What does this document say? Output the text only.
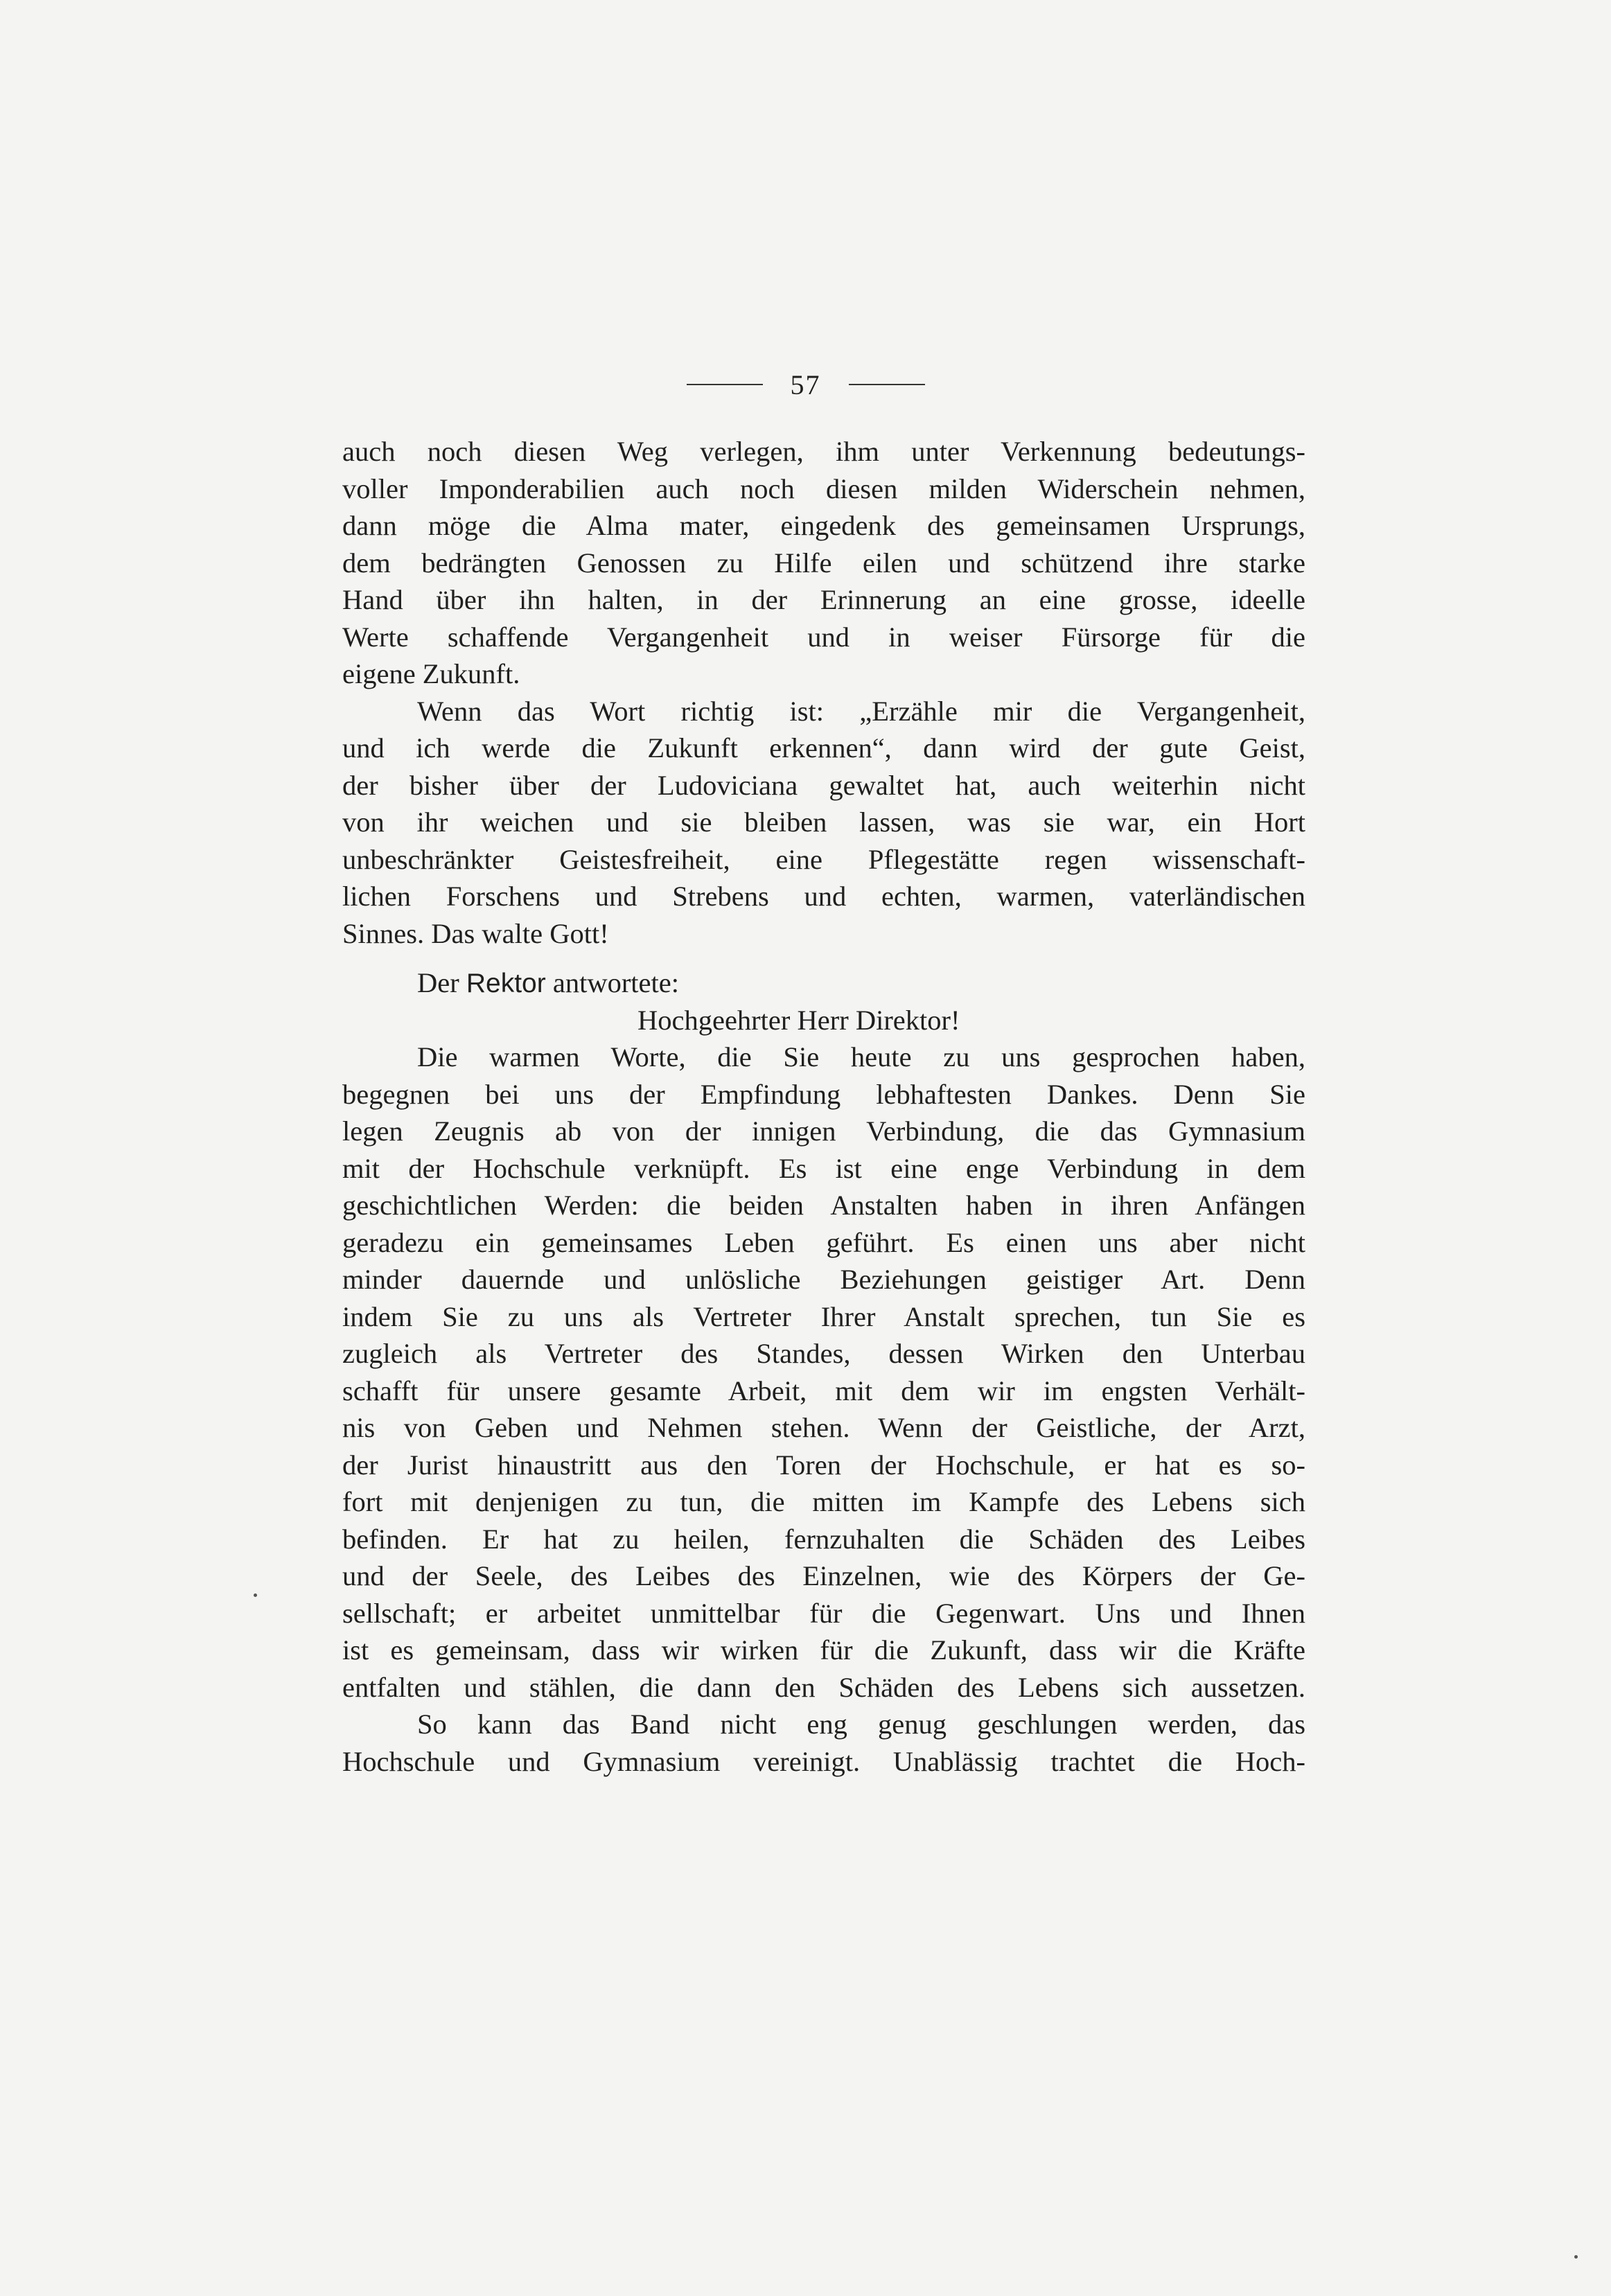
57
auch noch diesen Weg verlegen, ihm unter Verkennung bedeutungs-
voller Imponderabilien auch noch diesen milden Widerschein nehmen,
dann möge die Alma mater, eingedenk des gemeinsamen Ursprungs,
dem bedrängten Genossen zu Hilfe eilen und schützend ihre starke
Hand über ihn halten, in der Erinnerung an eine grosse, ideelle
Werte schaffende Vergangenheit und in weiser Fürsorge für die
eigene Zukunft.
Wenn das Wort richtig ist: „Erzähle mir die Vergangenheit,
und ich werde die Zukunft erkennen“, dann wird der gute Geist,
der bisher über der Ludoviciana gewaltet hat, auch weiterhin nicht
von ihr weichen und sie bleiben lassen, was sie war, ein Hort
unbeschränkter Geistesfreiheit, eine Pflegestätte regen wissenschaft-
lichen Forschens und Strebens und echten, warmen, vaterländischen
Sinnes. Das walte Gott!
Der Rektor antwortete:
Hochgeehrter Herr Direktor!
Die warmen Worte, die Sie heute zu uns gesprochen haben,
begegnen bei uns der Empfindung lebhaftesten Dankes. Denn Sie
legen Zeugnis ab von der innigen Verbindung, die das Gymnasium
mit der Hochschule verknüpft. Es ist eine enge Verbindung in dem
geschichtlichen Werden: die beiden Anstalten haben in ihren Anfängen
geradezu ein gemeinsames Leben geführt. Es einen uns aber nicht
minder dauernde und unlösliche Beziehungen geistiger Art. Denn
indem Sie zu uns als Vertreter Ihrer Anstalt sprechen, tun Sie es
zugleich als Vertreter des Standes, dessen Wirken den Unterbau
schafft für unsere gesamte Arbeit, mit dem wir im engsten Verhält-
nis von Geben und Nehmen stehen. Wenn der Geistliche, der Arzt,
der Jurist hinaustritt aus den Toren der Hochschule, er hat es so-
fort mit denjenigen zu tun, die mitten im Kampfe des Lebens sich
befinden. Er hat zu heilen, fernzuhalten die Schäden des Leibes
und der Seele, des Leibes des Einzelnen, wie des Körpers der Ge-
sellschaft; er arbeitet unmittelbar für die Gegenwart. Uns und Ihnen
ist es gemeinsam, dass wir wirken für die Zukunft, dass wir die Kräfte
entfalten und stählen, die dann den Schäden des Lebens sich aussetzen.
So kann das Band nicht eng genug geschlungen werden, das
Hochschule und Gymnasium vereinigt. Unablässig trachtet die Hoch-
